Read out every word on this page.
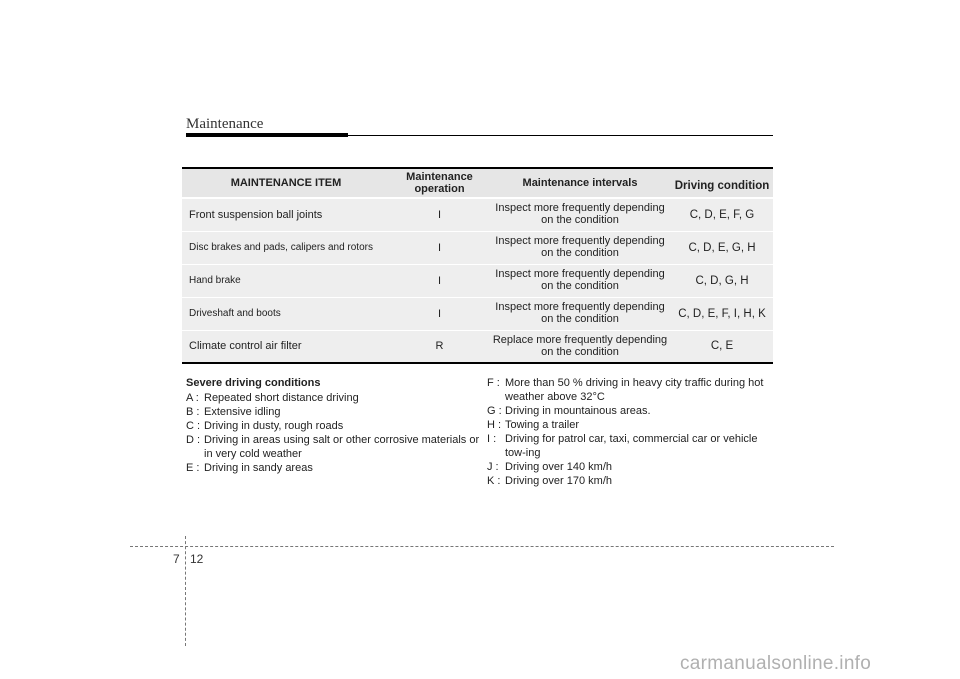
Maintenance
MAINTENANCE ITEM	Maintenance operation	Maintenance intervals	Driving condition
Front suspension ball joints	I	Inspect more frequently depending on the condition	C, D, E, F, G
Disc brakes and pads, calipers and rotors	I	Inspect more frequently depending on the condition	C, D, E, G, H
Hand brake	I	Inspect more frequently depending on the condition	C, D, G, H
Driveshaft and boots	I	Inspect more frequently depending on the condition	C, D, E, F, I, H, K
Climate control air filter	R	Replace more frequently depending on the condition	C, E
Severe driving conditions
A : Repeated short distance driving
B : Extensive idling
C : Driving in dusty, rough roads
D : Driving in areas using salt or other corrosive materials or in very cold weather
E : Driving in sandy areas
F : More than 50 % driving in heavy city traffic during hot weather above 32°C
G : Driving in mountainous areas.
H : Towing a trailer
I : Driving for patrol car, taxi, commercial car or vehicle tow-ing
J : Driving over 140 km/h
K : Driving over 170 km/h
7 12
carmanualsonline.info
